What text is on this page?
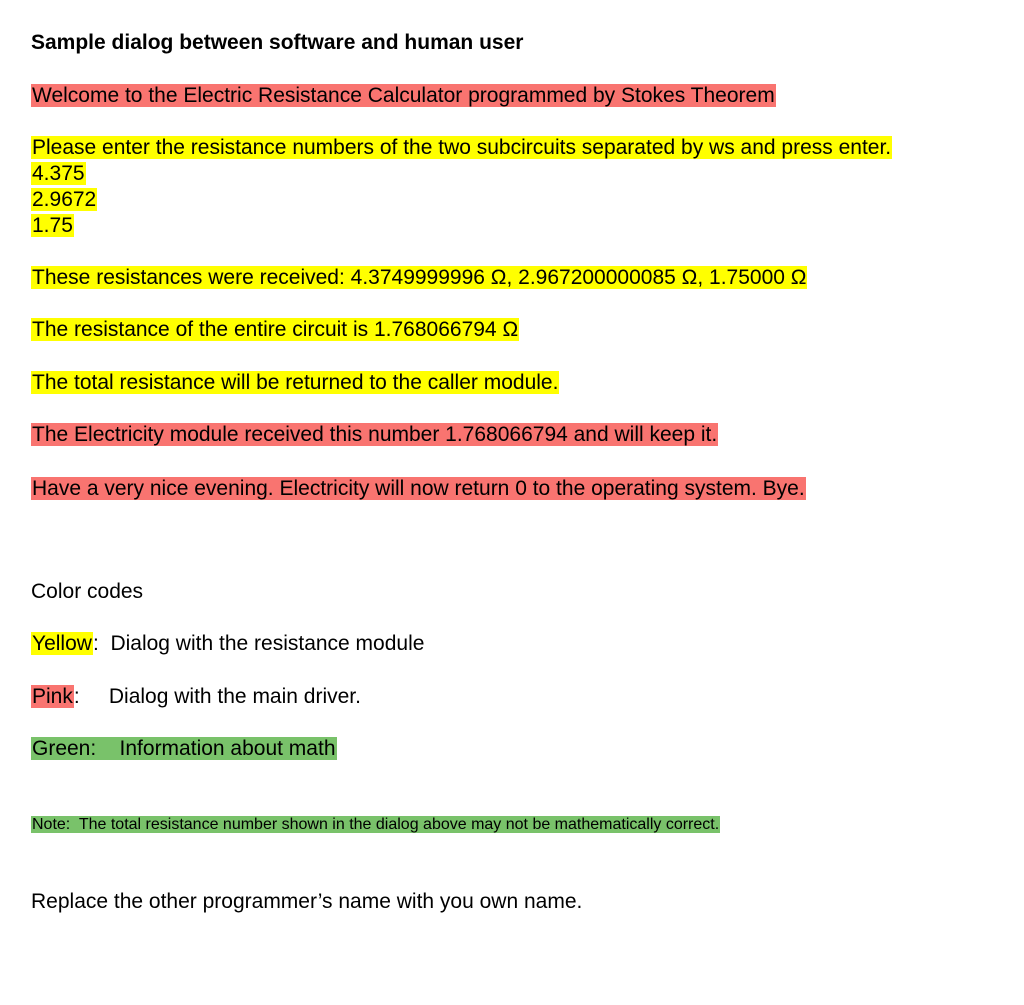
Sample dialog between software and human user
Welcome to the Electric Resistance Calculator programmed by Stokes Theorem
Please enter the resistance numbers of the two subcircuits separated by ws and press enter.
4.375
2.9672
1.75
These resistances were received: 4.3749999996 Ω, 2.967200000085 Ω, 1.75000 Ω
The resistance of the entire circuit is 1.768066794 Ω
The total resistance will be returned to the caller module.
The Electricity module received this number 1.768066794 and will keep it.
Have a very nice evening. Electricity will now return 0 to the operating system. Bye.
Color codes
Yellow:  Dialog with the resistance module
Pink:     Dialog with the main driver.
Green:    Information about math
Note:  The total resistance number shown in the dialog above may not be mathematically correct.
Replace the other programmer’s name with you own name.
